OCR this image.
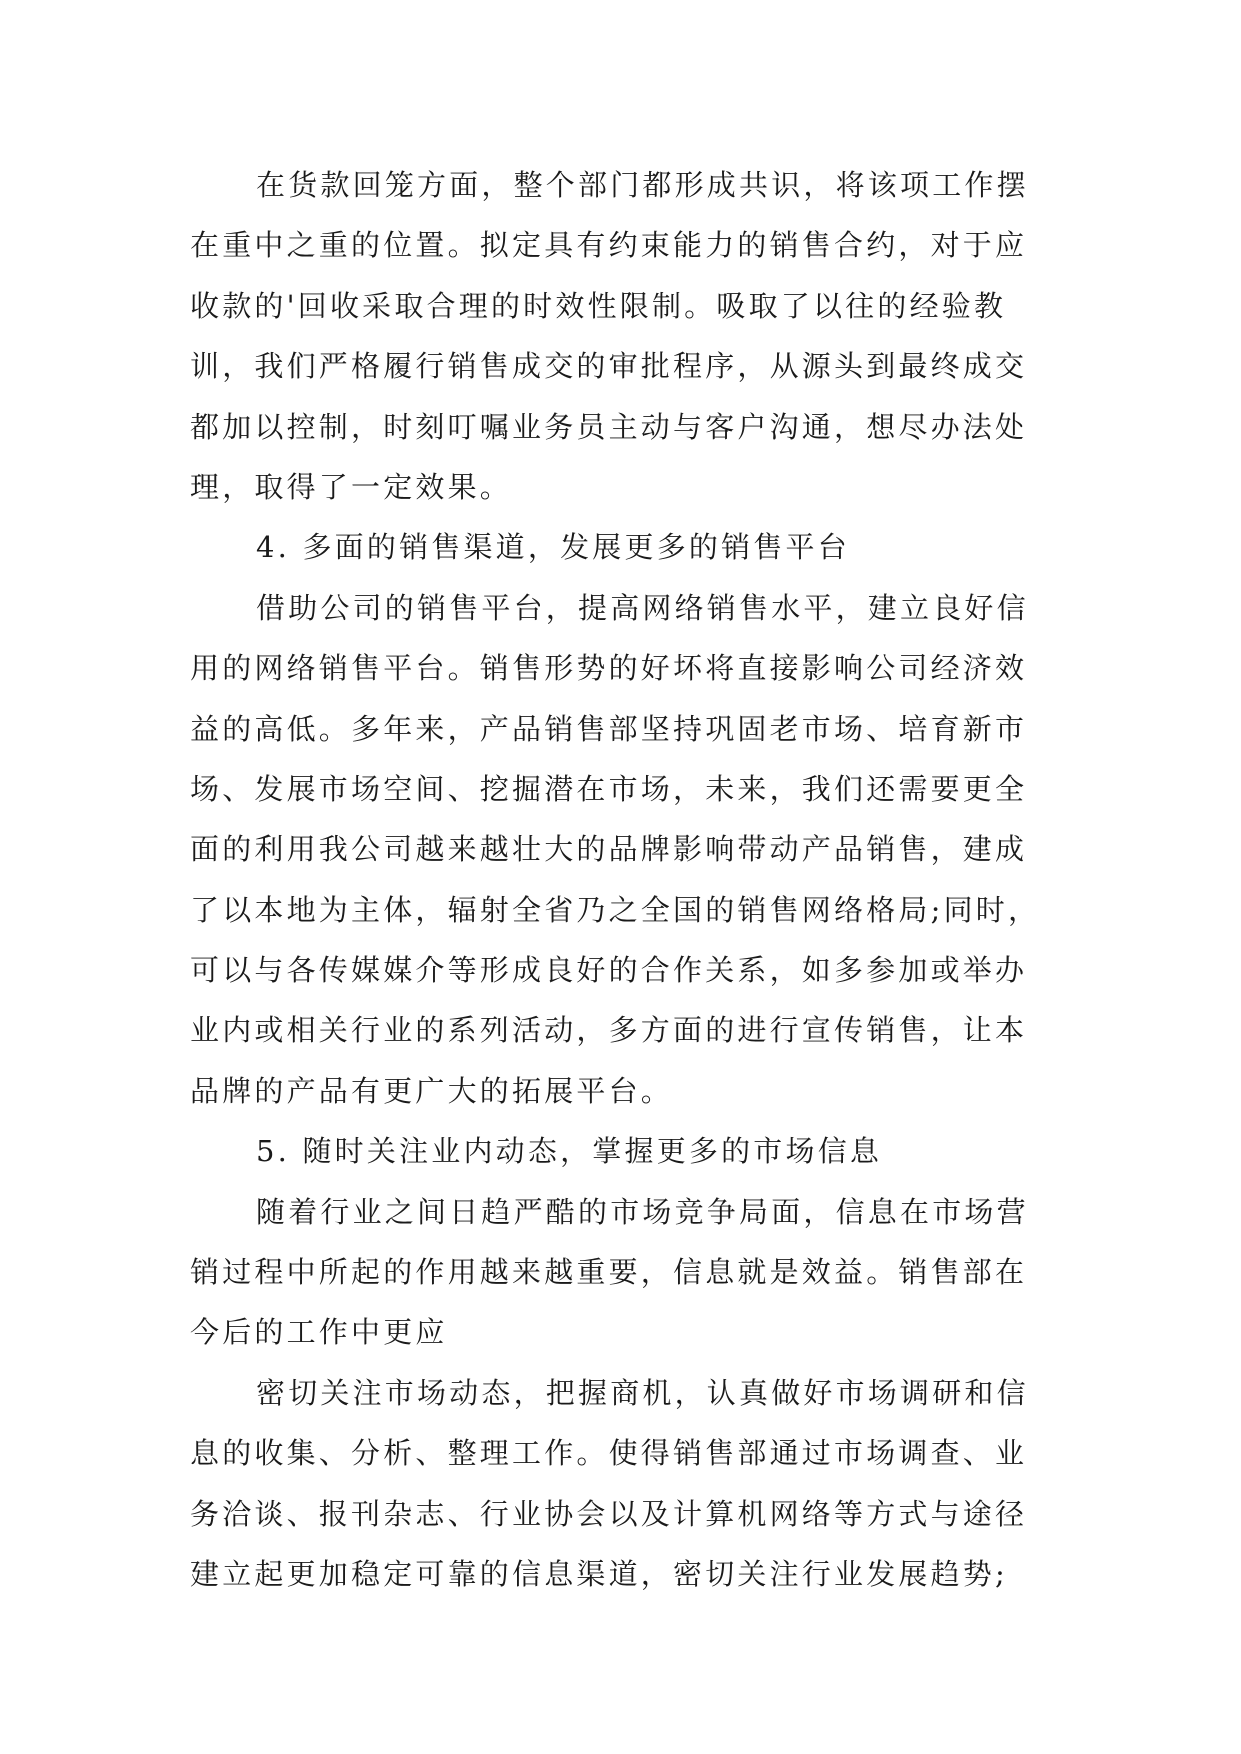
在货款回笼方面，整个部门都形成共识，将该项工作摆
在重中之重的位置。拟定具有约束能力的销售合约，对于应
收款的'回收采取合理的时效性限制。吸取了以往的经验教
训，我们严格履行销售成交的审批程序，从源头到最终成交
都加以控制，时刻叮嘱业务员主动与客户沟通，想尽办法处
理，取得了一定效果。
4. 多面的销售渠道，发展更多的销售平台
借助公司的销售平台，提高网络销售水平，建立良好信
用的网络销售平台。销售形势的好坏将直接影响公司经济效
益的高低。多年来，产品销售部坚持巩固老市场、培育新市
场、发展市场空间、挖掘潜在市场，未来，我们还需要更全
面的利用我公司越来越壮大的品牌影响带动产品销售，建成
了以本地为主体，辐射全省乃之全国的销售网络格局;同时，
可以与各传媒媒介等形成良好的合作关系，如多参加或举办
业内或相关行业的系列活动，多方面的进行宣传销售，让本
品牌的产品有更广大的拓展平台。
5. 随时关注业内动态，掌握更多的市场信息
随着行业之间日趋严酷的市场竞争局面，信息在市场营
销过程中所起的作用越来越重要，信息就是效益。销售部在
今后的工作中更应
密切关注市场动态，把握商机，认真做好市场调研和信
息的收集、分析、整理工作。使得销售部通过市场调查、业
务洽谈、报刊杂志、行业协会以及计算机网络等方式与途径
建立起更加稳定可靠的信息渠道，密切关注行业发展趋势;
